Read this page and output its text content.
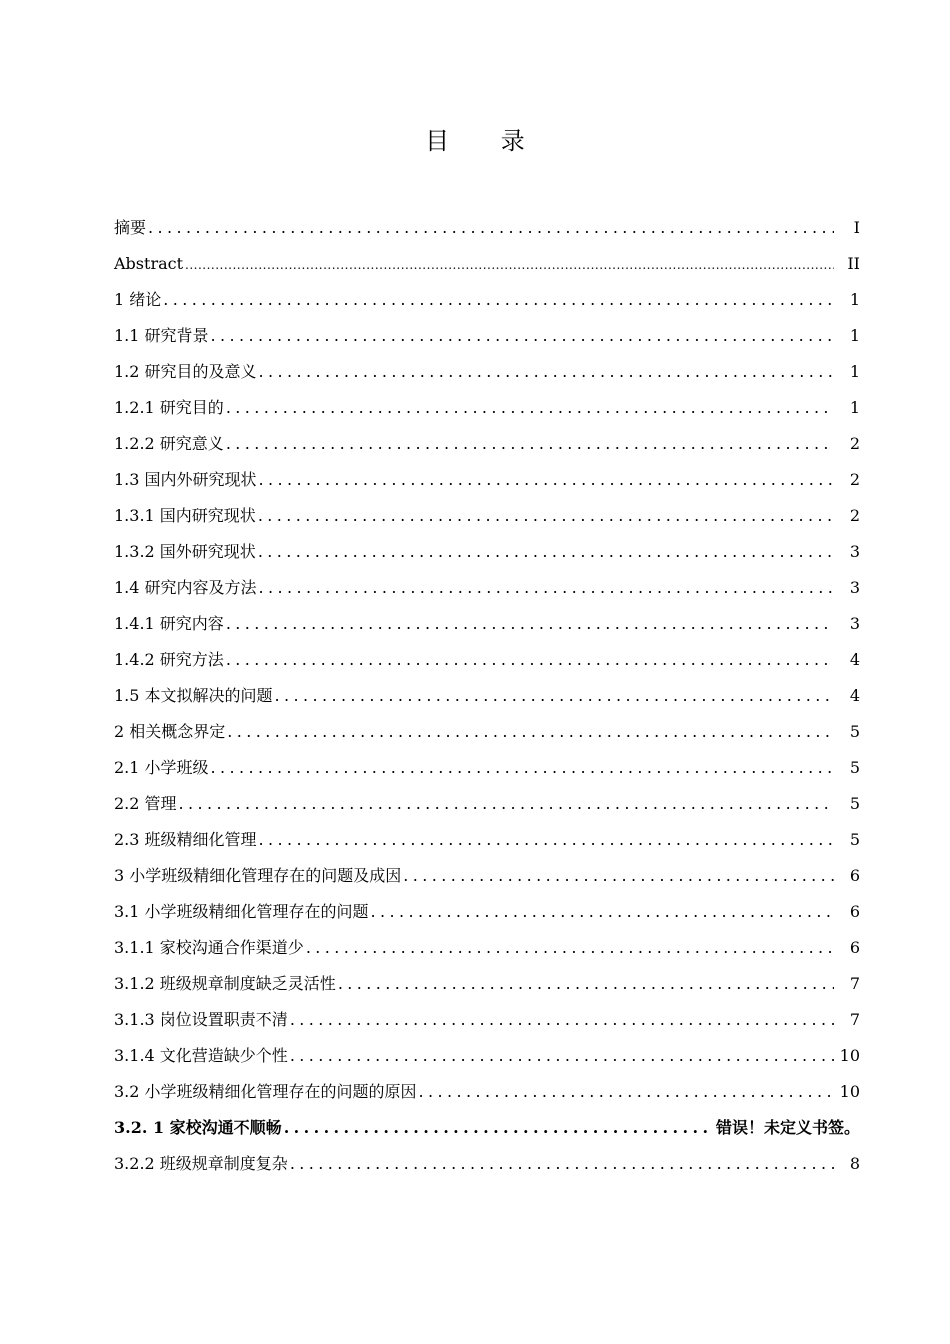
目 录
摘要 .....	I
Abstract .....	II
1 绪论 .....	1
1.1 研究背景 .....	1
1.2 研究目的及意义 .....	1
1.2.1 研究目的 .....	1
1.2.2 研究意义 .....	2
1.3 国内外研究现状 .....	2
1.3.1 国内研究现状 .....	2
1.3.2 国外研究现状 .....	3
1.4 研究内容及方法 .....	3
1.4.1 研究内容 .....	3
1.4.2 研究方法 .....	4
1.5 本文拟解决的问题 .....	4
2 相关概念界定 .....	5
2.1 小学班级 .....	5
2.2 管理 .....	5
2.3 班级精细化管理 .....	5
3 小学班级精细化管理存在的问题及成因 .....	6
3.1 小学班级精细化管理存在的问题 .....	6
3.1.1 家校沟通合作渠道少 .....	6
3.1.2 班级规章制度缺乏灵活性 .....	7
3.1.3 岗位设置职责不清 .....	7
3.1.4 文化营造缺少个性 .....	10
3.2 小学班级精细化管理存在的问题的原因 .....	10
3.2. 1 家校沟通不顺畅 .....	错误！未定义书签。
3.2.2 班级规章制度复杂 .....	8
